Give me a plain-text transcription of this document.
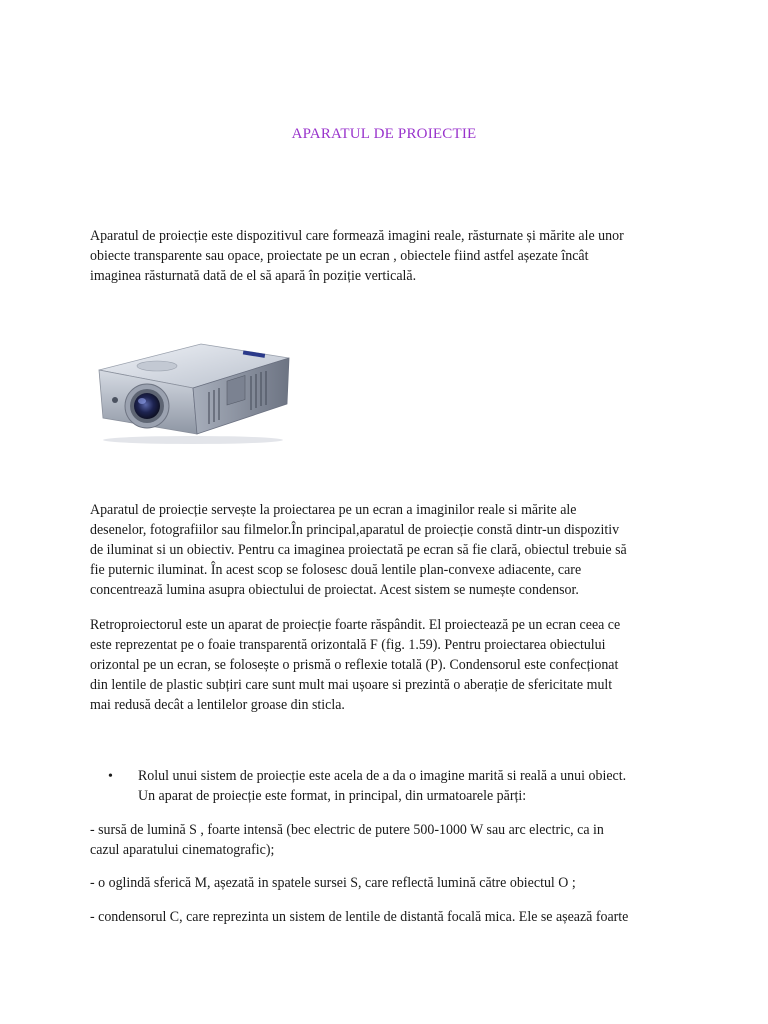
APARATUL DE PROIECTIE

Aparatul de proiecție este dispozitivul care formează imagini reale, răsturnate și mărite ale unor
obiecte transparente sau opace, proiectate pe un ecran , obiectele fiind astfel așezate încât
imaginea răsturnată dată de el să apară în poziție verticală.

Aparatul de proiecție servește la proiectarea pe un ecran a imaginilor reale si mărite ale
desenelor, fotografiilor sau filmelor.În principal,aparatul de proiecție constă dintr-un dispozitiv
de iluminat si un obiectiv. Pentru ca imaginea proiectată pe ecran să fie clară, obiectul trebuie să
fie puternic iluminat. În acest scop se folosesc două lentile plan-convexe adiacente, care
concentrează lumina asupra obiectului de proiectat. Acest sistem se numește condensor.

Retroproiectorul este un aparat de proiecție foarte răspândit. El proiectează pe un ecran ceea ce
este reprezentat pe o foaie transparentă orizontală F (fig. 1.59). Pentru proiectarea obiectului
orizontal pe un ecran, se folosește o prismă o reflexie totală (P). Condensorul este confecționat
din lentile de plastic subțiri care sunt mult mai ușoare si prezintă o aberație de sfericitate mult
mai redusă decât a lentilelor groase din sticla.

• Rolul unui sistem de proiecție este acela de a da o imagine marită si reală a unui obiect.
Un aparat de proiecție este format, in principal, din urmatoarele părți:

- sursă de lumină S , foarte intensă (bec electric de putere 500-1000 W sau arc electric, ca in
cazul aparatului cinematografic);

- o oglindă sferică M, așezată in spatele sursei S, care reflectă lumină către obiectul O ;

- condensorul C, care reprezinta un sistem de lentile de distantă focală mica. Ele se așează foarte
